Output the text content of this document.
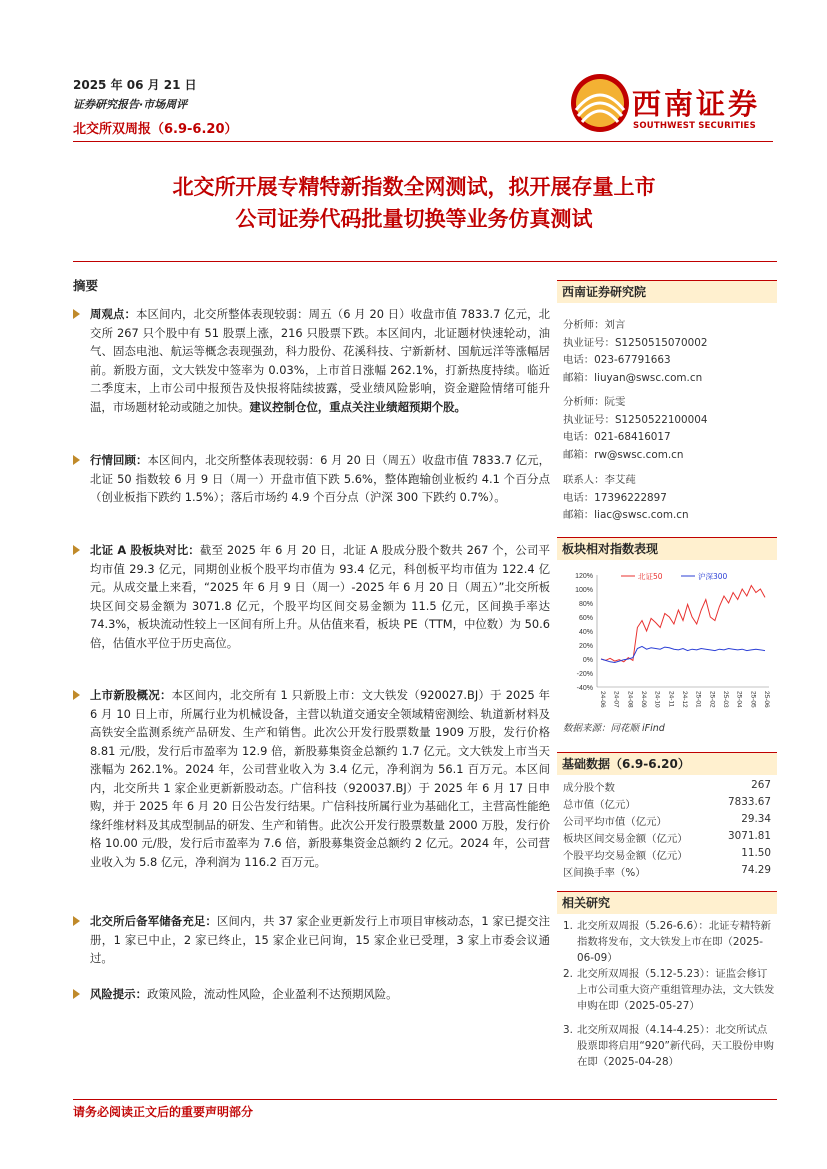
2025 年 06 月 21 日
证券研究报告·市场周评
北交所双周报（6.9-6.20）
西南证券
SOUTHWEST SECURITIES
北交所开展专精特新指数全网测试，拟开展存量上市
公司证券代码批量切换等业务仿真测试
摘要

周观点：本区间内，北交所整体表现较弱：周五（6 月 20 日）收盘市值 7833.7 亿元，北交所 267 只个股中有 51 股票上涨，216 只股票下跌。本区间内，北证题材快速轮动，油气、固态电池、航运等概念表现强劲，科力股份、花溪科技、宁新新材、国航远洋等涨幅居前。新股方面，文大铁发中签率为 0.03%，上市首日涨幅 262.1%，打新热度持续。临近二季度末，上市公司中报预告及快报将陆续披露，受业绩风险影响，资金避险情绪可能升温，市场题材轮动或随之加快。建议控制仓位，重点关注业绩超预期个股。

行情回顾：本区间内，北交所整体表现较弱：6 月 20 日（周五）收盘市值 7833.7 亿元，北证 50 指数较 6 月 9 日（周一）开盘市值下跌 5.6%，整体跑输创业板约 4.1 个百分点（创业板指下跌约 1.5%）；落后市场约 4.9 个百分点（沪深 300 下跌约 0.7%）。

北证 A 股板块对比：截至 2025 年 6 月 20 日，北证 A 股成分股个数共 267 个，公司平均市值 29.3 亿元，同期创业板个股平均市值为 93.4 亿元，科创板平均市值为 122.4 亿元。从成交量上来看，“2025 年 6 月 9 日（周一）-2025 年 6 月 20 日（周五）”北交所板块区间交易金额为 3071.8 亿元，个股平均区间交易金额为 11.5 亿元，区间换手率达 74.3%，板块流动性较上一区间有所上升。从估值来看，板块 PE（TTM，中位数）为 50.6 倍，估值水平位于历史高位。

上市新股概况：本区间内，北交所有 1 只新股上市：文大铁发（920027.BJ）于 2025 年 6 月 10 日上市，所属行业为机械设备，主营以轨道交通安全领域精密测绘、轨道新材料及高铁安全监测系统产品研发、生产和销售。此次公开发行股票数量 1909 万股，发行价格 8.81 元/股，发行后市盈率为 12.9 倍，新股募集资金总额约 1.7 亿元。文大铁发上市当天涨幅为 262.1%。2024 年，公司营业收入为 3.4 亿元，净利润为 56.1 百万元。本区间内，北交所共 1 家企业更新新股动态。广信科技（920037.BJ）于 2025 年 6 月 17 日申购，并于 2025 年 6 月 20 日公告发行结果。广信科技所属行业为基础化工，主营高性能绝缘纤维材料及其成型制品的研发、生产和销售。此次公开发行股票数量 2000 万股，发行价格 10.00 元/股，发行后市盈率为 7.6 倍，新股募集资金总额约 2 亿元。2024 年，公司营业收入为 5.8 亿元，净利润为 116.2 百万元。

北交所后备军储备充足：区间内，共 37 家企业更新发行上市项目审核动态，1 家已提交注册，1 家已中止，2 家已终止，15 家企业已问询，15 家企业已受理，3 家上市委会议通过。

风险提示：政策风险，流动性风险，企业盈利不达预期风险。

西南证券研究院
分析师：刘言
执业证号：S1250515070002
电话：023-67791663
邮箱：liuyan@swsc.com.cn
分析师：阮雯
执业证号：S1250522100004
电话：021-68416017
邮箱：rw@swsc.com.cn
联系人：李艾莼
电话：17396222897
邮箱：liac@swsc.com.cn
板块相对指数表现
120%
100%
80%
60%
40%
20%
0%
-20%
-40%
24-06 24-07 24-08 24-09 24-10 24-11 24-12 25-01 25-02 25-03 25-04 25-05 25-06
北证50	沪深300
数据来源：同花顺 iFind
基础数据（6.9-6.20）
成分股个数	267
总市值（亿元）	7833.67
公司平均市值（亿元）	29.34
板块区间交易金额（亿元）	3071.81
个股平均交易金额（亿元）	11.50
区间换手率（%）	74.29
相关研究
1. 北交所双周报（5.26-6.6）：北证专精特新指数将发布，文大铁发上市在即（2025-06-09）
2. 北交所双周报（5.12-5.23）：证监会修订上市公司重大资产重组管理办法，文大铁发申购在即（2025-05-27）
3. 北交所双周报（4.14-4.25）：北交所试点股票即将启用“920”新代码，天工股份申购在即（2025-04-28）
请务必阅读正文后的重要声明部分
